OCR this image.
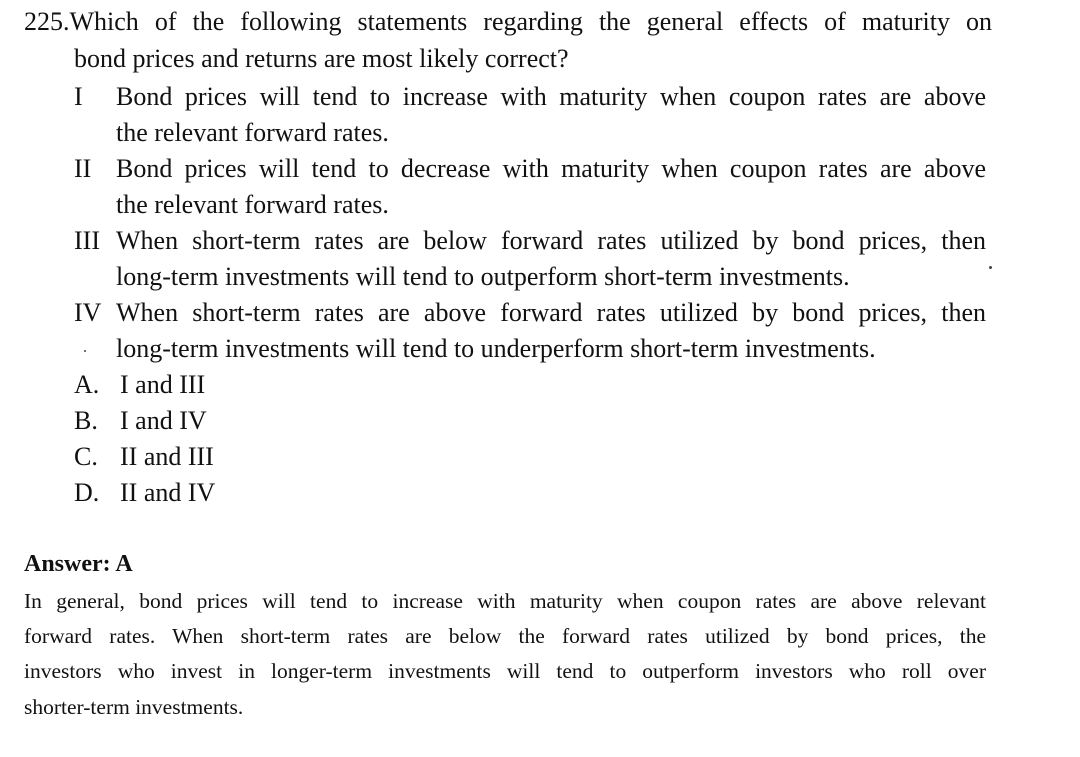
225.Which of the following statements regarding the general effects of maturity on
bond prices and returns are most likely correct?
I Bond prices will tend to increase with maturity when coupon rates are above
the relevant forward rates.
II Bond prices will tend to decrease with maturity when coupon rates are above
the relevant forward rates.
III When short-term rates are below forward rates utilized by bond prices, then
long-term investments will tend to outperform short-term investments.
IV When short-term rates are above forward rates utilized by bond prices, then
long-term investments will tend to underperform short-term investments.
A. I and III
B. I and IV
C. II and III
D. II and IV
Answer: A
In general, bond prices will tend to increase with maturity when coupon rates are above relevant
forward rates. When short-term rates are below the forward rates utilized by bond prices, the
investors who invest in longer-term investments will tend to outperform investors who roll over
shorter-term investments.
